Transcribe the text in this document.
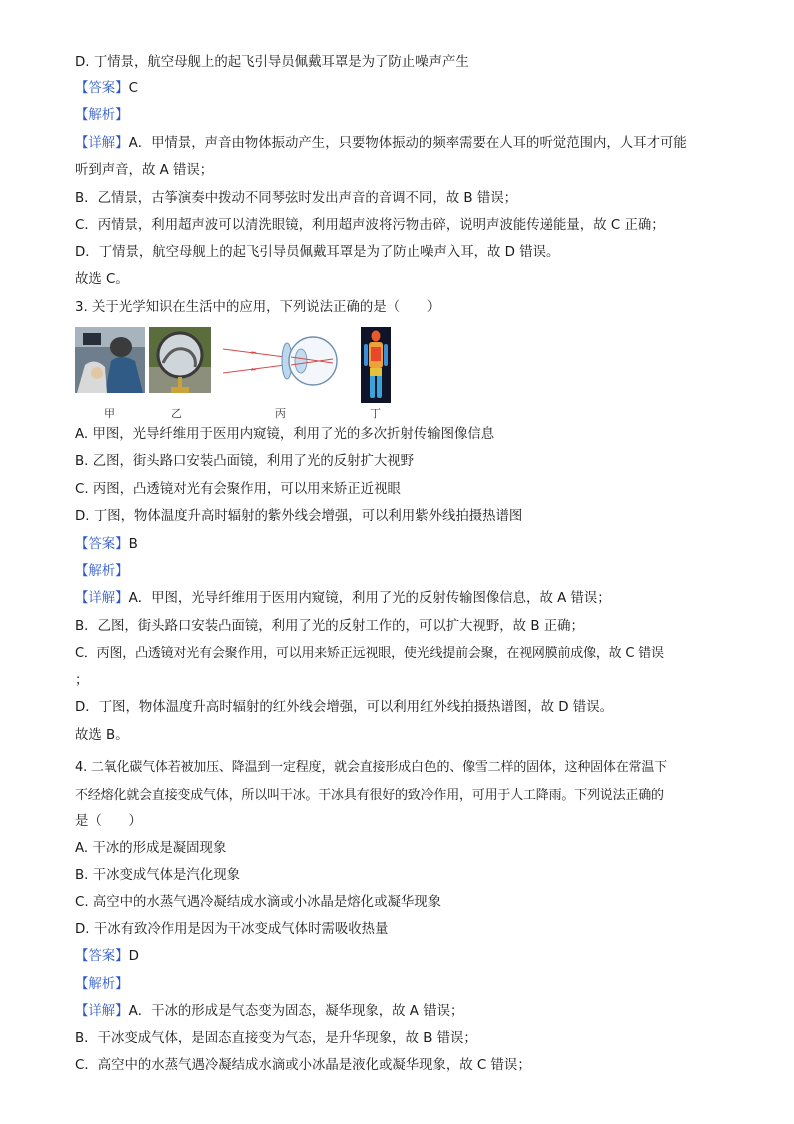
D. 丁情景，航空母舰上的起飞引导员佩戴耳罩是为了防止噪声产生
【答案】C
【解析】
【详解】A．甲情景，声音由物体振动产生，只要物体振动的频率需要在人耳的听觉范围内，人耳才可能
听到声音，故 A 错误；
B．乙情景，古筝演奏中拨动不同琴弦时发出声音的音调不同，故 B 错误；
C．丙情景，利用超声波可以清洗眼镜，利用超声波将污物击碎，说明声波能传递能量，故 C 正确；
D．丁情景，航空母舰上的起飞引导员佩戴耳罩是为了防止噪声入耳，故 D 错误。
故选 C。
3. 关于光学知识在生活中的应用，下列说法正确的是（　　）
甲	乙	丙	丁
A. 甲图，光导纤维用于医用内窥镜，利用了光的多次折射传输图像信息
B. 乙图，街头路口安装凸面镜，利用了光的反射扩大视野
C. 丙图，凸透镜对光有会聚作用，可以用来矫正近视眼
D. 丁图，物体温度升高时辐射的紫外线会增强，可以利用紫外线拍摄热谱图
【答案】B
【解析】
【详解】A．甲图，光导纤维用于医用内窥镜，利用了光的反射传输图像信息，故 A 错误；
B．乙图，街头路口安装凸面镜，利用了光的反射工作的，可以扩大视野，故 B 正确；
C．丙图，凸透镜对光有会聚作用，可以用来矫正远视眼，使光线提前会聚，在视网膜前成像，故 C 错误
；
D．丁图，物体温度升高时辐射的红外线会增强，可以利用红外线拍摄热谱图，故 D 错误。
故选 B。
4. 二氧化碳气体若被加压、降温到一定程度，就会直接形成白色的、像雪二样的固体，这种固体在常温下
不经熔化就会直接变成气体，所以叫干冰。干冰具有很好的致冷作用，可用于人工降雨。下列说法正确的
是（　　）
A. 干冰的形成是凝固现象
B. 干冰变成气体是汽化现象
C. 高空中的水蒸气遇冷凝结成水滴或小冰晶是熔化或凝华现象
D. 干冰有致冷作用是因为干冰变成气体时需吸收热量
【答案】D
【解析】
【详解】A．干冰的形成是气态变为固态，凝华现象，故 A 错误；
B．干冰变成气体，是固态直接变为气态，是升华现象，故 B 错误；
C．高空中的水蒸气遇冷凝结成水滴或小冰晶是液化或凝华现象，故 C 错误；
